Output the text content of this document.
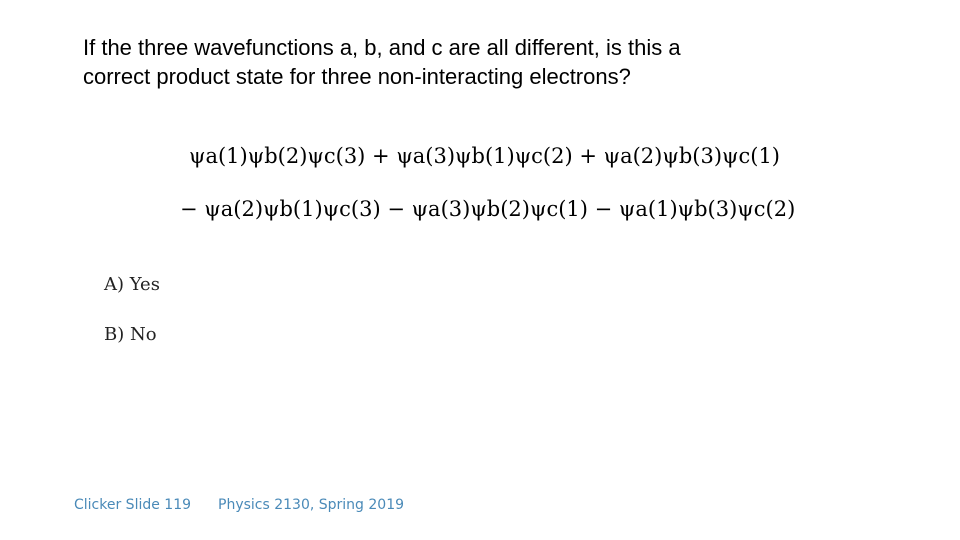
If the three wavefunctions a, b, and c are all different, is this a correct product state for three non-interacting electrons?
ψa(1)ψb(2)ψc(3) + ψa(3)ψb(1)ψc(2) + ψa(2)ψb(3)ψc(1)
− ψa(2)ψb(1)ψc(3) − ψa(3)ψb(2)ψc(1) − ψa(1)ψb(3)ψc(2)
A) Yes
B) No
Clicker Slide 119 Physics 2130, Spring 2019
